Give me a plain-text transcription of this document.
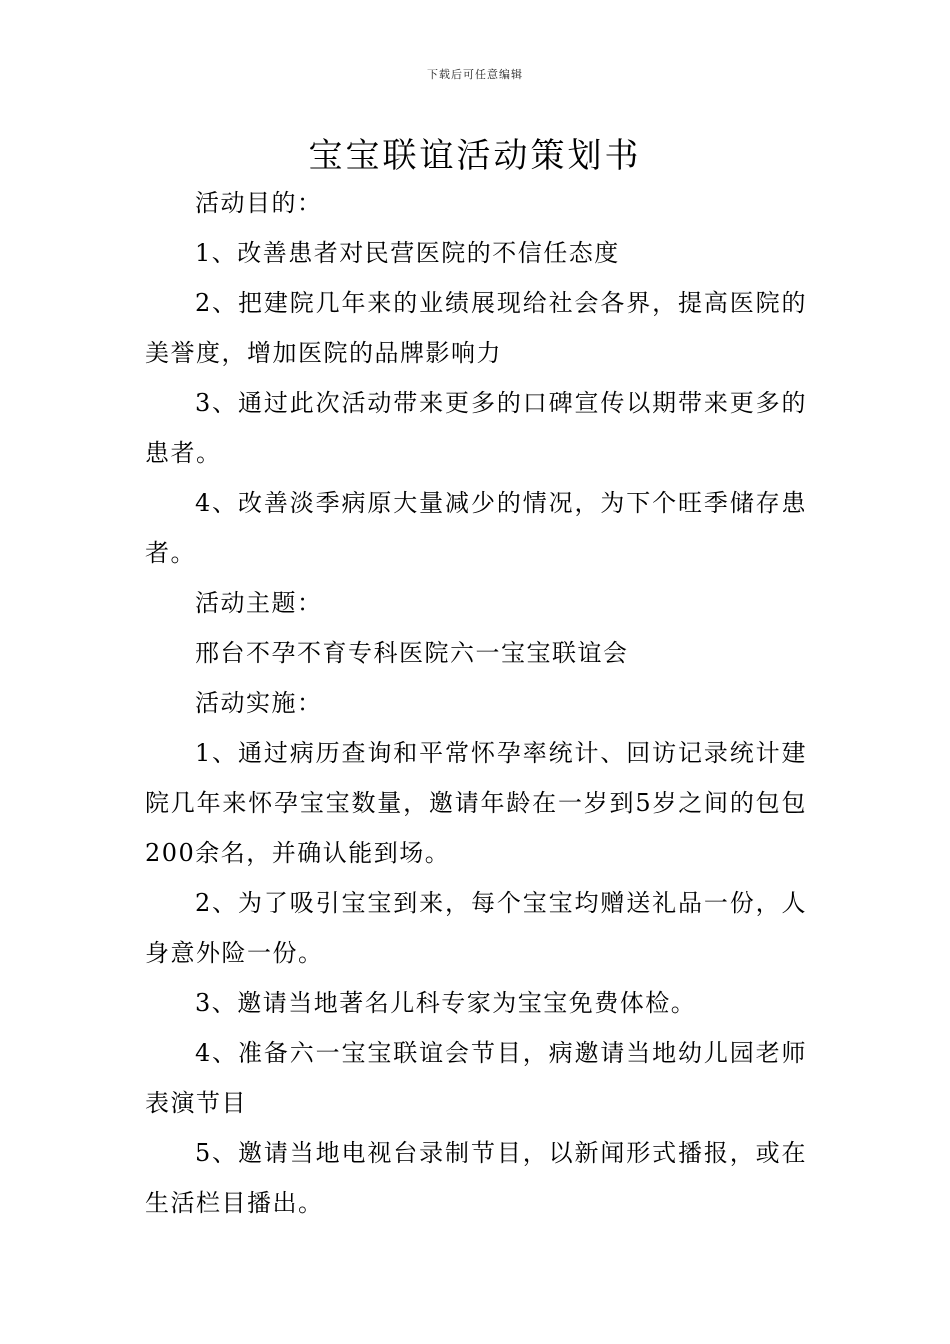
下载后可任意编辑
宝宝联谊活动策划书

活动目的：

1、改善患者对民营医院的不信任态度

2、把建院几年来的业绩展现给社会各界，提高医院的美誉度，增加医院的品牌影响力

3、通过此次活动带来更多的口碑宣传以期带来更多的患者。

4、改善淡季病原大量减少的情况，为下个旺季储存患者。

活动主题：

邢台不孕不育专科医院六一宝宝联谊会

活动实施：

1、通过病历查询和平常怀孕率统计、回访记录统计建院几年来怀孕宝宝数量，邀请年龄在一岁到5岁之间的包包200余名，并确认能到场。

2、为了吸引宝宝到来，每个宝宝均赠送礼品一份，人身意外险一份。

3、邀请当地著名儿科专家为宝宝免费体检。

4、准备六一宝宝联谊会节目，病邀请当地幼儿园老师表演节目

5、邀请当地电视台录制节目，以新闻形式播报，或在生活栏目播出。
